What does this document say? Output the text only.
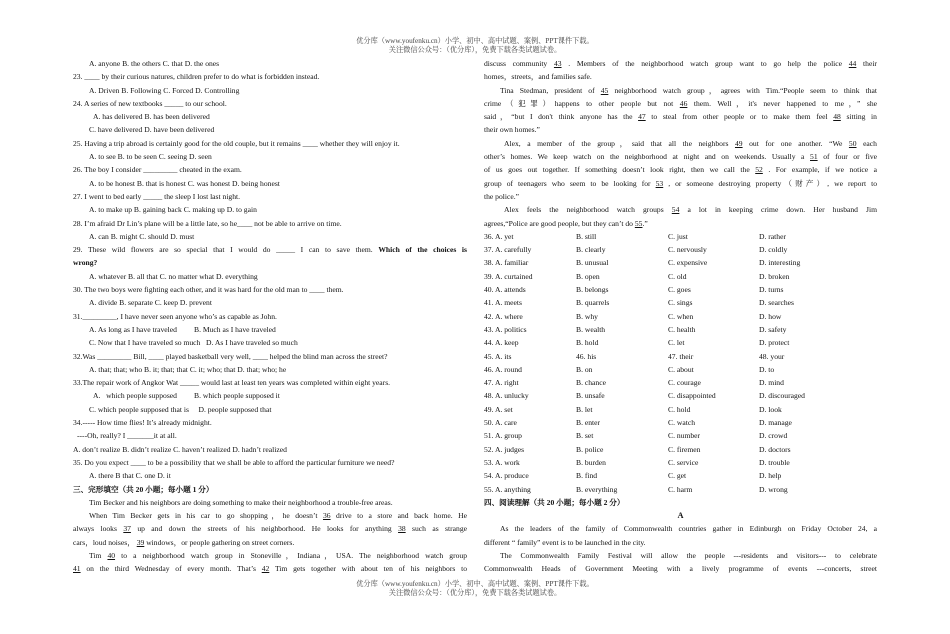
优分库（www.youfenku.cn）小学、初中、高中试题、案例、PPT课件下载。
关注微信公众号：（优分库），免费下载各类试题试卷。
A. anyone B. the others C. that D. the ones
23. ____ by their curious natures, children prefer to do what is forbidden instead.
A. Driven B. Following C. Forced D. Controlling
24. A series of new textbooks _____ to our school.
A. has delivered B. has been delivered
C. have delivered D. have been delivered
25. Having a trip abroad is certainly good for the old couple, but it remains ____ whether they will enjoy it.
A. to see B. to be seen C. seeing D. seen
26. The boy I consider _________ cheated in the exam.
A. to be honest B. that is honest C. was honest D. being honest
27. I went to bed early _____ the sleep I lost last night.
A. to make up B. gaining back C. making up D. to gain
28. I’m afraid Dr Lin’s plane will be a little late, so he____ not be able to arrive on time.
A. can B. might C. should D. must
29. These wild flowers are so special that I would do _____ I can to save them. Which of the choices is
wrong?
A. whatever B. all that C. no matter what D. everything
30. The two boys were fighting each other, and it was hard for the old man to ____ them.
A. divide B. separate C. keep D. prevent
31._________, I have never seen anyone who’s as capable as John.
A. As long as I have traveled         B. Much as I have traveled
C. Now that I have traveled so much   D. As I have traveled so much
32.Was _________ Bill, ____ played basketball very well, ____ helped the blind man across the street?
A. that; that; who B. it; that; that C. it; who; that D. that; who; he
33.The repair work of Angkor Wat _____ would last at least ten years was completed within eight years.
A.   which people supposed         B. which people supposed it
C. which people supposed that is     D. people supposed that
34.----- How time flies! It’s already midnight.
----Oh, really? I _______it at all.
A. don’t realize B. didn’t realize C. haven’t realized D. hadn’t realized
35. Do you expect ____ to be a possibility that we shall be able to afford the particular furniture we need?
A. there B that C. one D. it
三、完形填空（共 20 小题；每小题 1 分）
Tim Becker and his neighbors are doing something to make their neighborhood a trouble-free areas.
When Tim Becker gets in his car to go shopping，he doesn’t 36 drive to a store and back home. He
always looks 37 up and down the streets of his neighborhood. He looks for anything 38 such as strange
cars，loud noises， 39 windows，or people gathering on street corners.
Tim 40 to a neighborhood watch group in Stoneville，Indiana，USA. The neighborhood watch group
41 on the third Wednesday of every month. That’s 42 Tim gets together with about ten of his neighbors to
discuss community 43 . Members of the neighborhood watch group want to go help the police 44 their
homes，streets，and families safe.
Tina Stedman, president of 45 neighborhood watch group，agrees with Tim.“People seem to think that
crime（犯罪）happens to other people but not 46 them. Well，it's never happened to me，” she
said，“but I don't think anyone has the 47 to steal from other people or to make them feel 48 sitting in
their own homes.”
Alex, a member of the group，said that all the neighbors 49 out for one another. “We 50 each
other’s homes. We keep watch on the neighborhood at night and on weekends. Usually a 51 of four or five
of us goes out together. If something doesn’t look right, then we call the 52 . For example, if we notice a
group of teenagers who seem to be looking for 53 , or someone destroying property（财产）, we report to
the police.”
Alex feels the neighborhood watch groups 54 a lot in keeping crime down. Her husband Jim
agrees,“Police are good people, but they can’t do 55.”
36. A. yet	B. still	C. just	D. rather
37. A. carefully	B. clearly	C. nervously	D. coldly
38. A. familiar	B. unusual	C. expensive	D. interesting
39. A. curtained	B. open	C. old	D. broken
40. A. attends	B. belongs	C. goes	D. turns
41. A. meets	B. quarrels	C. sings	D. searches
42. A. where	B. why	C. when	D. how
43. A. politics	B. wealth	C. health	D. safety
44. A. keep	B. hold	C. let	D. protect
45. A. its	46. his	47. their	48. your
46. A. round	B. on	C. about	D. to
47. A. right	B. chance	C. courage	D. mind
48. A. unlucky	B. unsafe	C. disappointed	D. discouraged
49. A. set	B. let	C. hold	D. look
50. A. care	B. enter	C. watch	D. manage
51. A. group	B. set	C. number	D. crowd
52. A. judges	B. police	C. firemen	D. doctors
53. A. work	B. burden	C. service	D. trouble
54. A. produce	B. find	C. get	D. help
55. A. anything	B. everything	C. harm	D. wrong
四、阅读理解（共 20 小题；每小题 2 分）
A
As the leaders of the family of Commonwealth countries gather in Edinburgh on Friday October 24, a
different “ family” event is to be launched in the city.
The Commonwealth Family Festival will allow the people ---residents and visitors--- to celebrate
Commonwealth Heads of Government Meeting with a lively programme of events ---concerts, street
优分库（www.youfenku.cn）小学、初中、高中试题、案例、PPT课件下载。
关注微信公众号：（优分库），免费下载各类试题试卷。
